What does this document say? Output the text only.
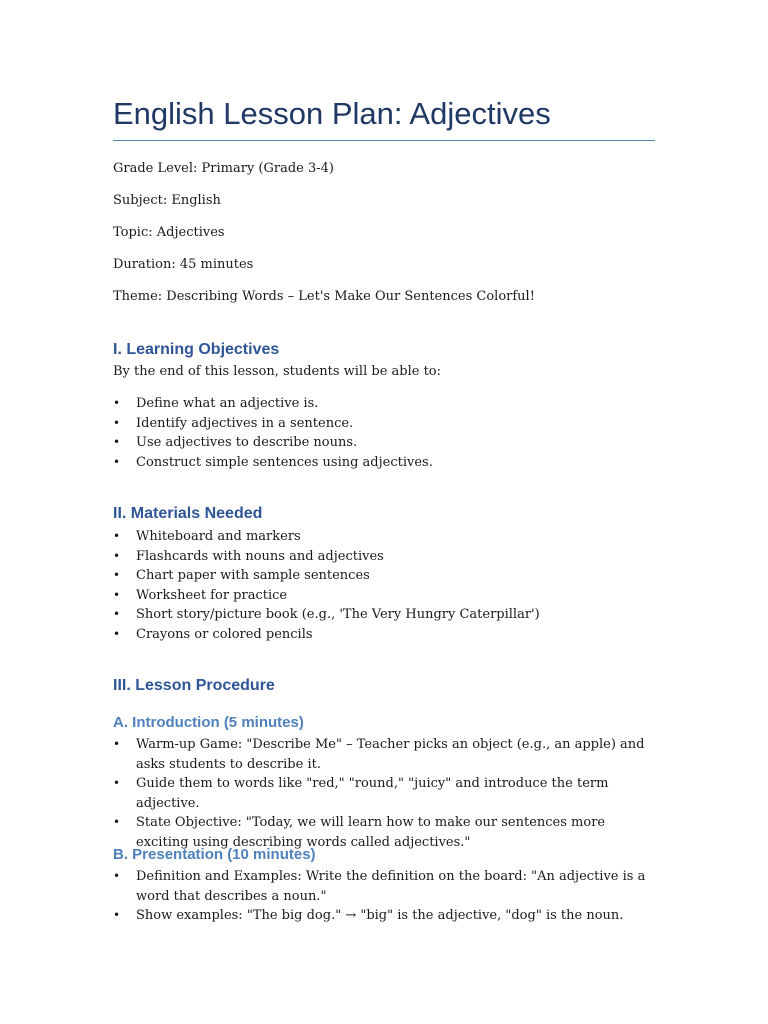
English Lesson Plan: Adjectives
Grade Level: Primary (Grade 3-4)
Subject: English
Topic: Adjectives
Duration: 45 minutes
Theme: Describing Words – Let's Make Our Sentences Colorful!
I. Learning Objectives
By the end of this lesson, students will be able to:
• Define what an adjective is.
• Identify adjectives in a sentence.
• Use adjectives to describe nouns.
• Construct simple sentences using adjectives.
II. Materials Needed
• Whiteboard and markers
• Flashcards with nouns and adjectives
• Chart paper with sample sentences
• Worksheet for practice
• Short story/picture book (e.g., 'The Very Hungry Caterpillar')
• Crayons or colored pencils
III. Lesson Procedure
A. Introduction (5 minutes)
• Warm-up Game: "Describe Me" – Teacher picks an object (e.g., an apple) and asks students to describe it.
• Guide them to words like "red," "round," "juicy" and introduce the term adjective.
• State Objective: "Today, we will learn how to make our sentences more exciting using describing words called adjectives."
B. Presentation (10 minutes)
• Definition and Examples: Write the definition on the board: "An adjective is a word that describes a noun."
• Show examples: "The big dog." → "big" is the adjective, "dog" is the noun.
